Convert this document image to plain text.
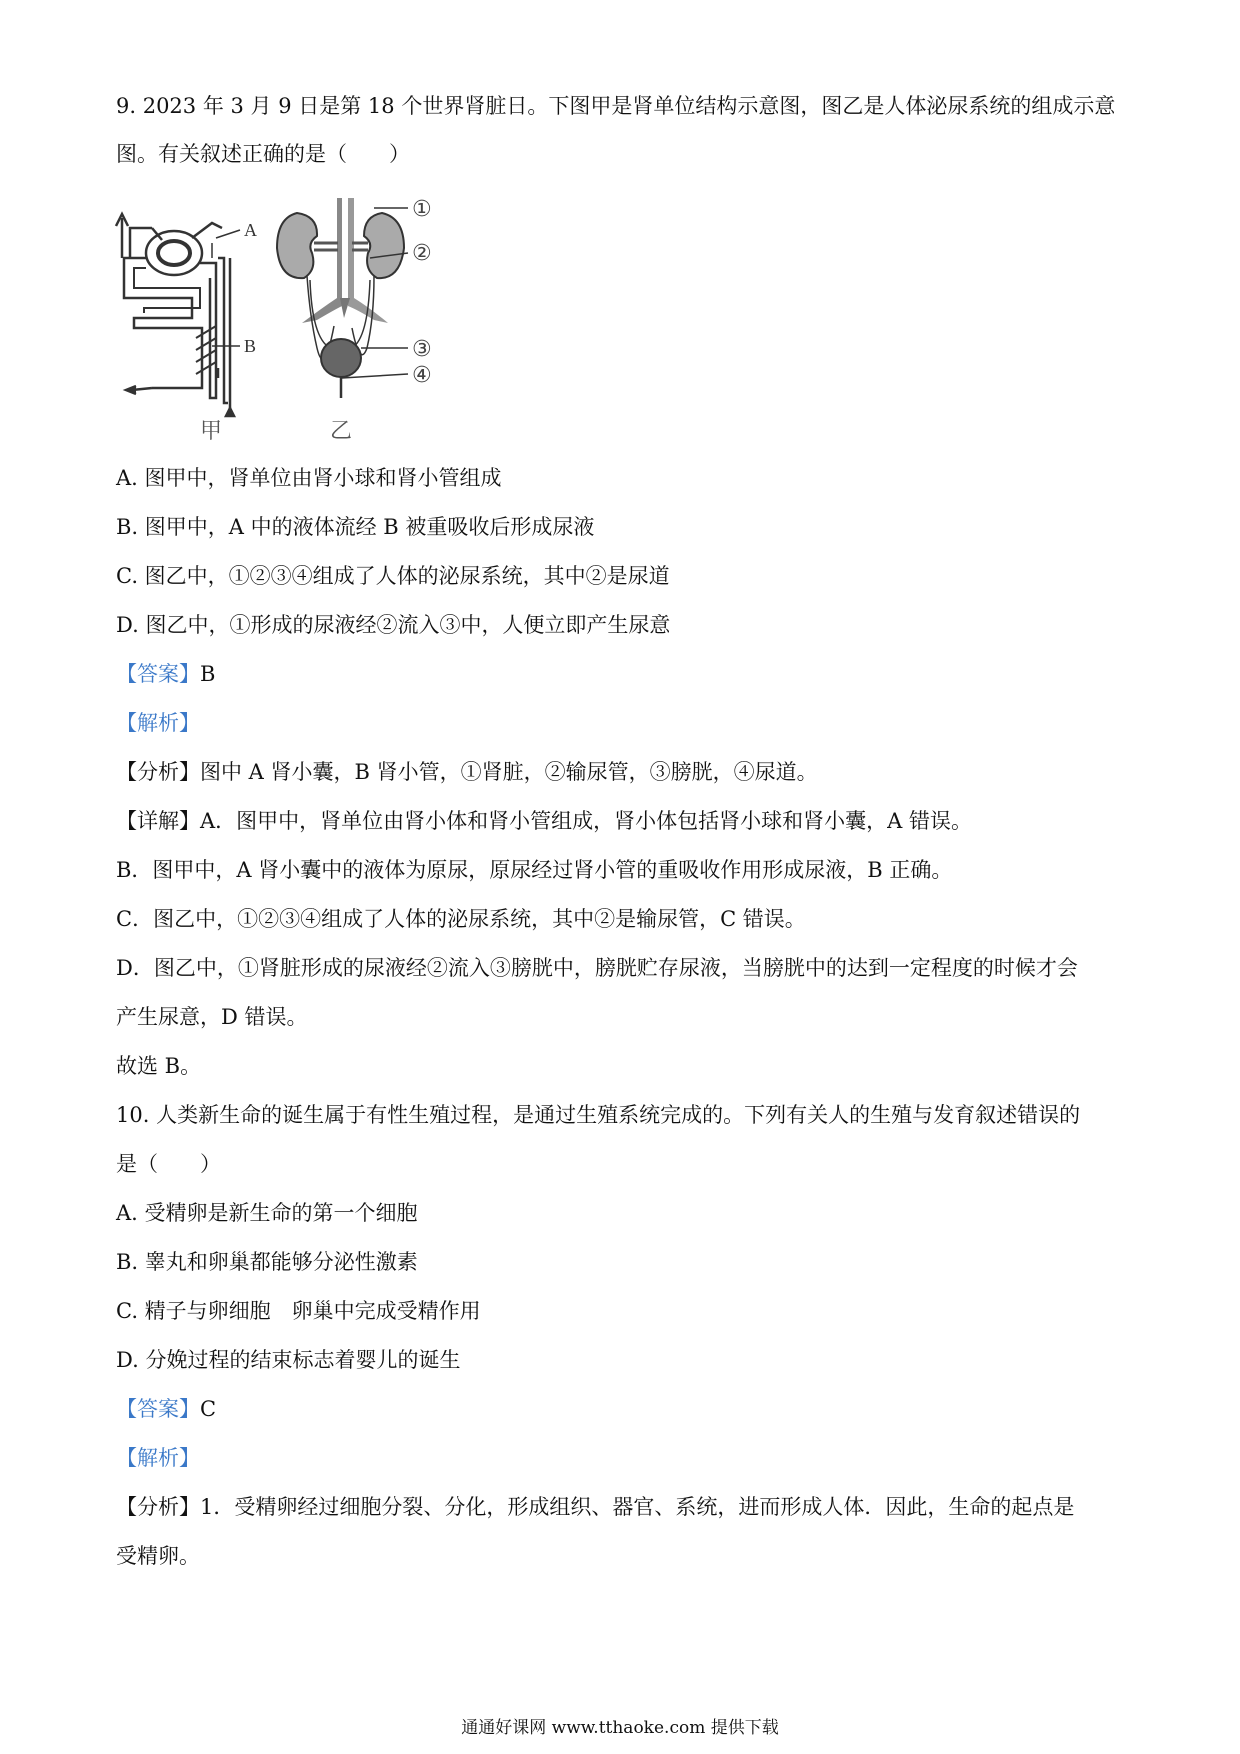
9. 2023 年 3 月 9 日是第 18 个世界肾脏日。下图甲是肾单位结构示意图，图乙是人体泌尿系统的组成示意
图。有关叙述正确的是（　　）
A
B
①
②
③
④
甲	乙
A. 图甲中，肾单位由肾小球和肾小管组成
B. 图甲中，A 中的液体流经 B 被重吸收后形成尿液
C. 图乙中，①②③④组成了人体的泌尿系统，其中②是尿道
D. 图乙中，①形成的尿液经②流入③中，人便立即产生尿意
【答案】B
【解析】
【分析】图中 A 肾小囊，B 肾小管，①肾脏，②输尿管，③膀胱，④尿道。
【详解】A．图甲中，肾单位由肾小体和肾小管组成，肾小体包括肾小球和肾小囊，A 错误。
B．图甲中，A 肾小囊中的液体为原尿，原尿经过肾小管的重吸收作用形成尿液，B 正确。
C．图乙中，①②③④组成了人体的泌尿系统，其中②是输尿管，C 错误。
D．图乙中，①肾脏形成的尿液经②流入③膀胱中，膀胱贮存尿液，当膀胱中的达到一定程度的时候才会
产生尿意，D 错误。
故选 B。
10. 人类新生命的诞生属于有性生殖过程，是通过生殖系统完成的。下列有关人的生殖与发育叙述错误的
是（　　）
A. 受精卵是新生命的第一个细胞
B. 睾丸和卵巢都能够分泌性激素
C. 精子与卵细胞　卵巢中完成受精作用
D. 分娩过程的结束标志着婴儿的诞生
【答案】C
【解析】
【分析】1．受精卵经过细胞分裂、分化，形成组织、器官、系统，进而形成人体．因此，生命的起点是
受精卵。
通通好课网 www.tthaoke.com 提供下载
